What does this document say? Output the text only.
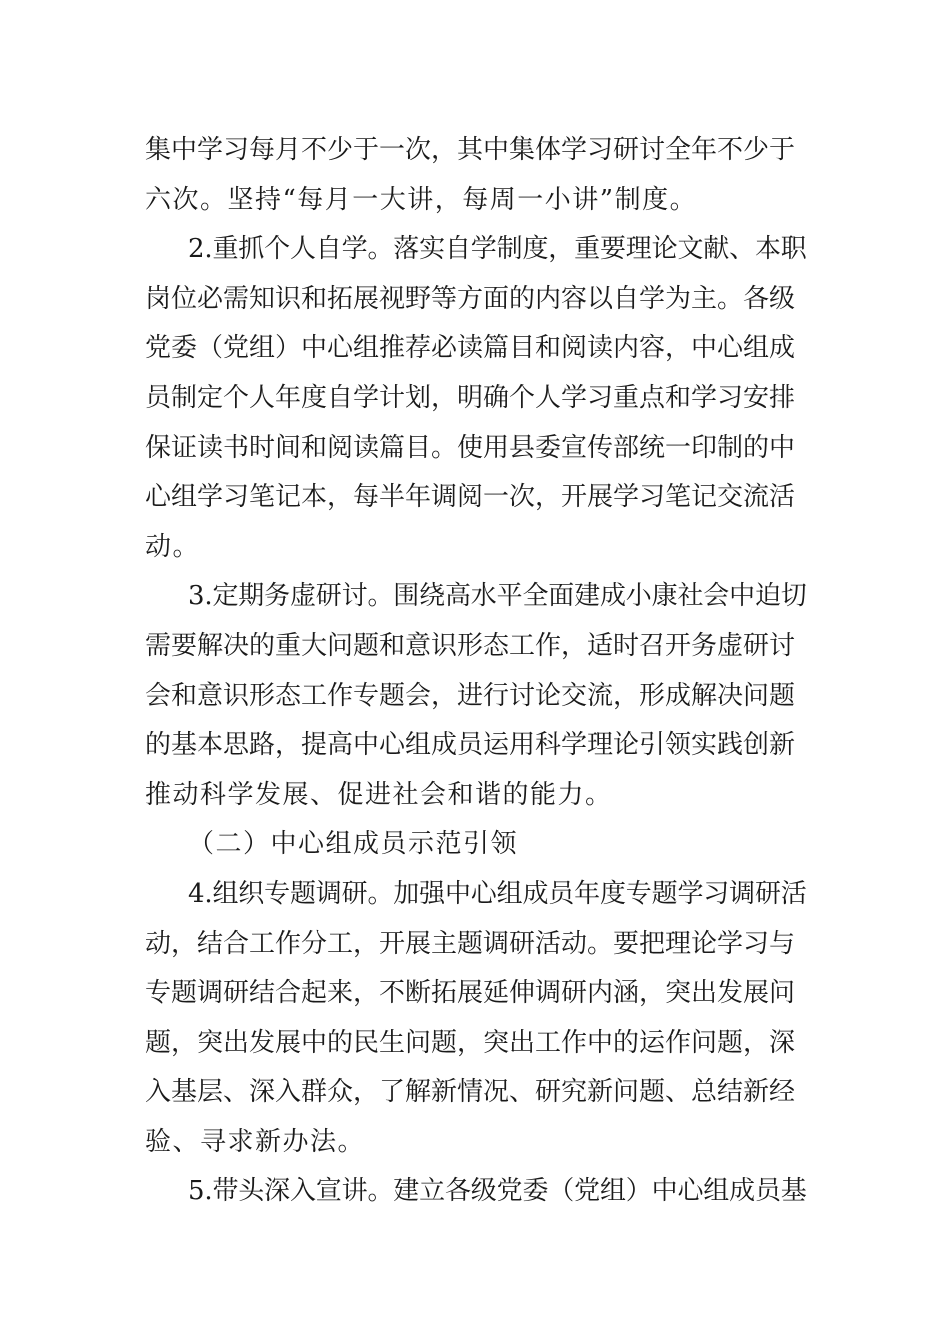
集中学习每月不少于一次，其中集体学习研讨全年不少于
六次。坚持“每月一大讲，每周一小讲”制度。
2.重抓个人自学。落实自学制度，重要理论文献、本职
岗位必需知识和拓展视野等方面的内容以自学为主。各级
党委（党组）中心组推荐必读篇目和阅读内容，中心组成
员制定个人年度自学计划，明确个人学习重点和学习安排
保证读书时间和阅读篇目。使用县委宣传部统一印制的中
心组学习笔记本，每半年调阅一次，开展学习笔记交流活
动。
3.定期务虚研讨。围绕高水平全面建成小康社会中迫切
需要解决的重大问题和意识形态工作，适时召开务虚研讨
会和意识形态工作专题会，进行讨论交流，形成解决问题
的基本思路，提高中心组成员运用科学理论引领实践创新
推动科学发展、促进社会和谐的能力。
（二）中心组成员示范引领
4.组织专题调研。加强中心组成员年度专题学习调研活
动，结合工作分工，开展主题调研活动。要把理论学习与
专题调研结合起来，不断拓展延伸调研内涵，突出发展问
题，突出发展中的民生问题，突出工作中的运作问题，深
入基层、深入群众，了解新情况、研究新问题、总结新经
验、寻求新办法。
5.带头深入宣讲。建立各级党委（党组）中心组成员基
